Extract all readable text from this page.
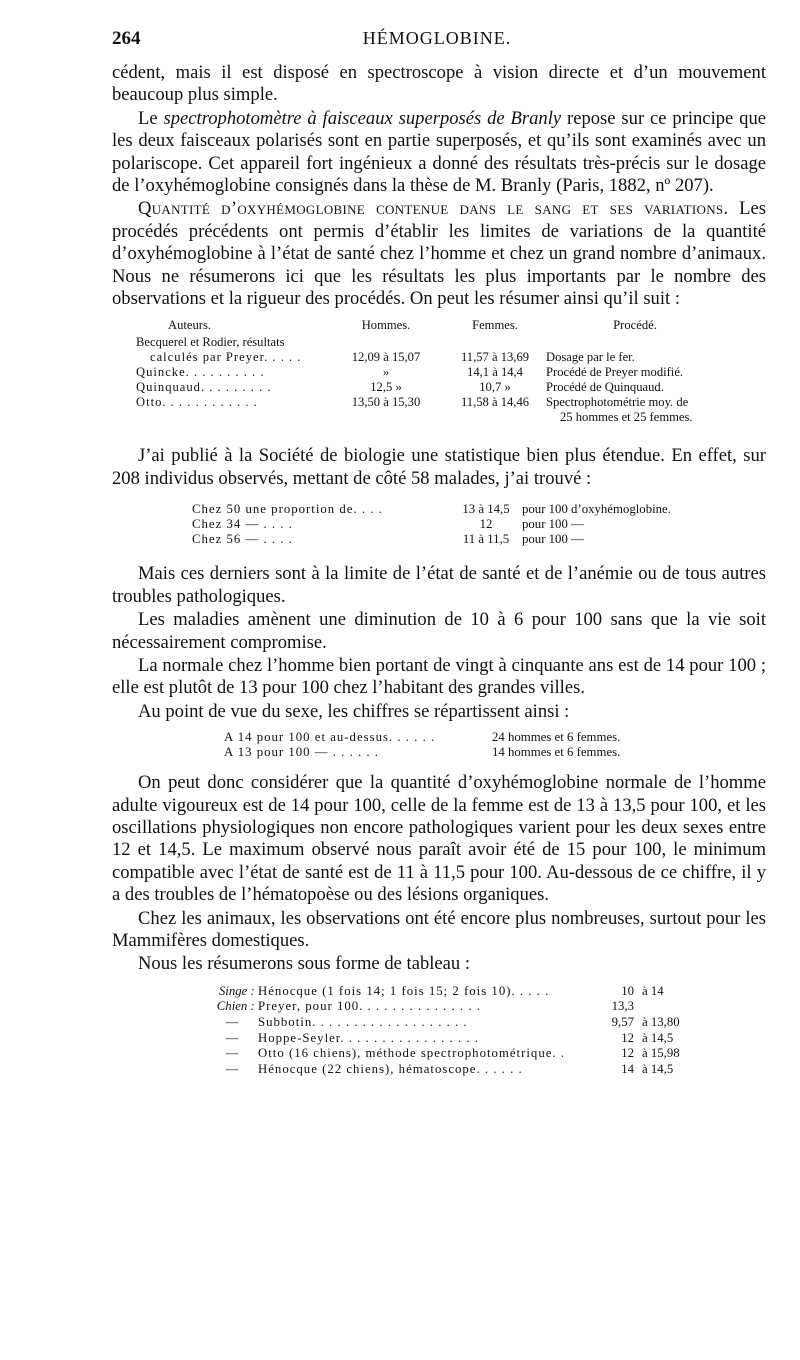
264	HÉMOGLOBINE.

cédent, mais il est disposé en spectroscope à vision directe et d’un mouvement beaucoup plus simple.

Le spectrophotomètre à faisceaux superposés de Branly repose sur ce principe que les deux faisceaux polarisés sont en partie superposés, et qu’ils sont examinés avec un polariscope. Cet appareil fort ingénieux a donné des résultats très-précis sur le dosage de l’oxyhémoglobine consignés dans la thèse de M. Branly (Paris, 1882, nº 207).

Quantité d’oxyhémoglobine contenue dans le sang et ses variations. Les procédés précédents ont permis d’établir les limites de variations de la quantité d’oxyhémoglobine à l’état de santé chez l’homme et chez un grand nombre d’animaux. Nous ne résumerons ici que les résultats les plus importants par le nombre des observations et la rigueur des procédés. On peut les résumer ainsi qu’il suit :

Auteurs.	Hommes.	Femmes.	Procédé.
Becquerel et Rodier, résultats
calculés par Preyer. . . . .	12,09 à 15,07	11,57 à 13,69	Dosage par le fer.
Quincke. . . . . . . . . .	»	14,1 à 14,4	Procédé de Preyer modifié.
Quinquaud. . . . . . . . .	12,5 »	10,7 »	Procédé de Quinquaud.
Otto. . . . . . . . . . . .	13,50 à 15,30	11,58 à 14,46	Spectrophotométrie moy. de
25 hommes et 25 femmes.

J’ai publié à la Société de biologie une statistique bien plus étendue. En effet, sur 208 individus observés, mettant de côté 58 malades, j’ai trouvé :

Chez 50 une proportion de. . . .	13 à 14,5	pour 100 d’oxyhémoglobine.
Chez 34 — . . . .	12	pour 100 —
Chez 56 — . . . .	11 à 11,5	pour 100 —

Mais ces derniers sont à la limite de l’état de santé et de l’anémie ou de tous autres troubles pathologiques.

Les maladies amènent une diminution de 10 à 6 pour 100 sans que la vie soit nécessairement compromise.

La normale chez l’homme bien portant de vingt à cinquante ans est de 14 pour 100 ; elle est plutôt de 13 pour 100 chez l’habitant des grandes villes.

Au point de vue du sexe, les chiffres se répartissent ainsi :

A 14 pour 100 et au-dessus. . . . . .	24 hommes et 6 femmes.
A 13 pour 100 — . . . . . .	14 hommes et 6 femmes.

On peut donc considérer que la quantité d’oxyhémoglobine normale de l’homme adulte vigoureux est de 14 pour 100, celle de la femme est de 13 à 13,5 pour 100, et les oscillations physiologiques non encore pathologiques varient pour les deux sexes entre 12 et 14,5. Le maximum observé nous paraît avoir été de 15 pour 100, le minimum compatible avec l’état de santé est de 11 à 11,5 pour 100. Au-dessous de ce chiffre, il y a des troubles de l’hématopoèse ou des lésions organiques.

Chez les animaux, les observations ont été encore plus nombreuses, surtout pour les Mammifères domestiques.

Nous les résumerons sous forme de tableau :

Singe :	Hénocque (1 fois 14; 1 fois 15; 2 fois 10). . . . .	10	à 14
Chien :	Preyer, pour 100. . . . . . . . . . . . . . .	13,3	
—	Subbotin. . . . . . . . . . . . . . . . . . .	9,57	à 13,80
—	Hoppe-Seyler. . . . . . . . . . . . . . . . .	12	à 14,5
—	Otto (16 chiens), méthode spectrophotométrique. .	12	à 15,98
—	Hénocque (22 chiens), hématoscope. . . . . .	14	à 14,5
